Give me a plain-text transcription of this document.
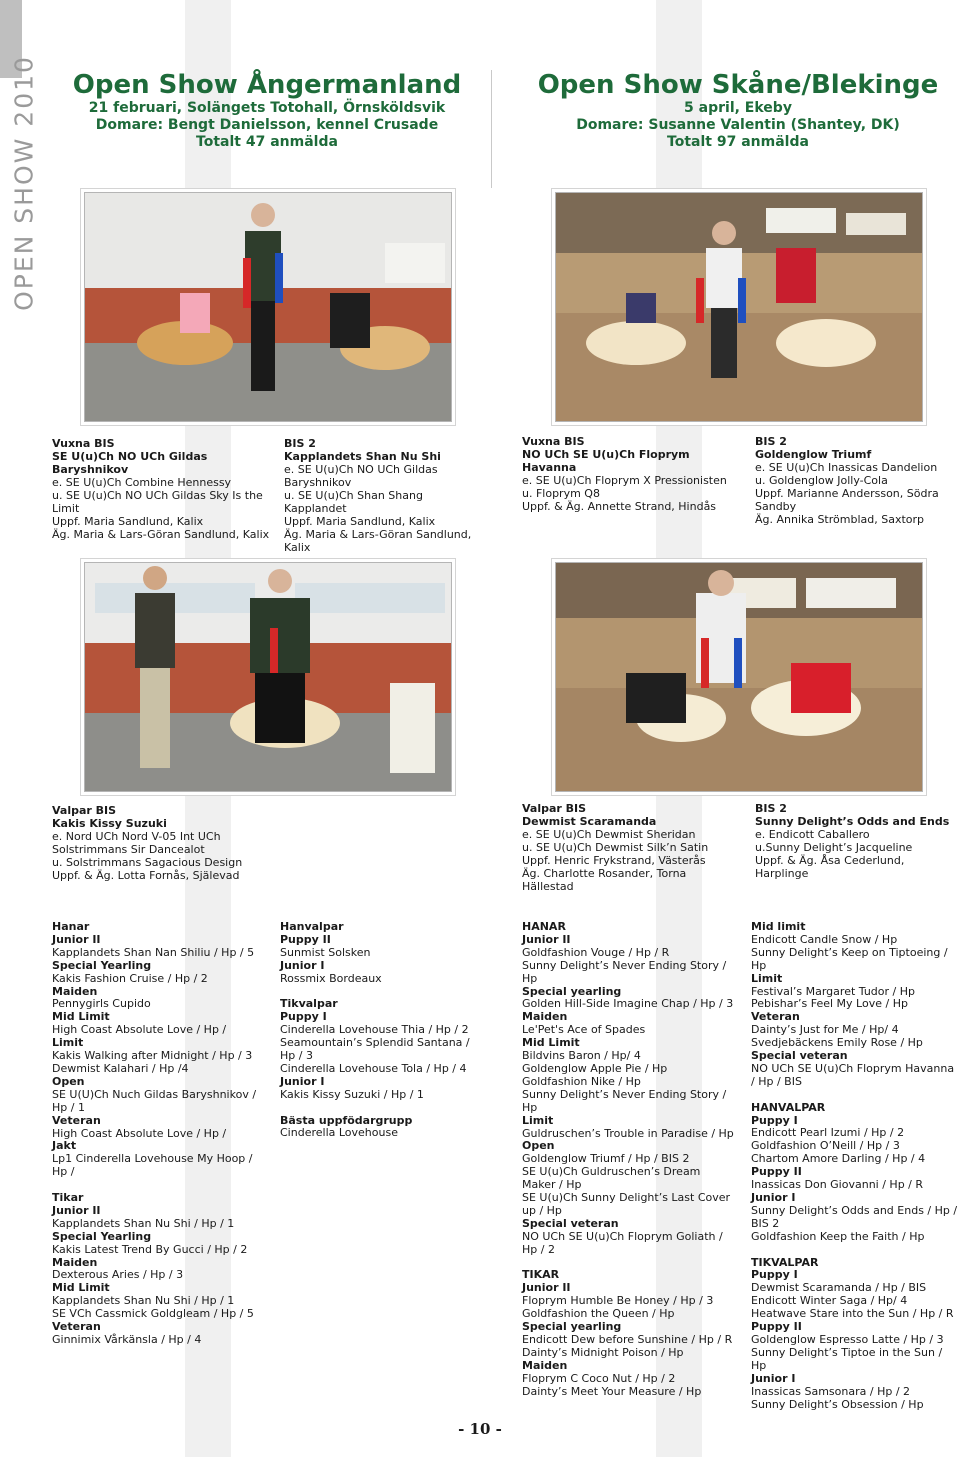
OPEN SHOW 2010	Open Show Ångermanland
21 februari, Solängets Totohall, Örnsköldsvik
Domare: Bengt Danielsson, kennel Crusade
Totalt 47 anmälda
Open Show Skåne/Blekinge
5 april, Ekeby
Domare: Susanne Valentin (Shantey, DK)
Totalt 97 anmälda
Vuxna BIS
SE U(u)Ch NO UCh Gildas Baryshnikov
e. SE U(u)Ch Combine Hennessy
u. SE U(u)Ch NO UCh Gildas Sky Is the Limit
Uppf. Maria Sandlund, Kalix
Äg. Maria & Lars-Göran Sandlund, Kalix
BIS 2
Kapplandets Shan Nu Shi
e. SE U(u)Ch NO UCh Gildas Baryshnikov
u. SE U(u)Ch Shan Shang Kapplandet
Uppf. Maria Sandlund, Kalix
Äg. Maria & Lars-Göran Sandlund, Kalix
Vuxna BIS
NO UCh SE U(u)Ch Floprym Havanna
e. SE U(u)Ch Floprym X Pressionisten
u. Floprym Q8
Uppf. & Äg. Annette Strand, Hindås
BIS 2
Goldenglow Triumf
e. SE U(u)Ch Inassicas Dandelion
u. Goldenglow Jolly-Cola
Uppf. Marianne Andersson, Södra Sandby
Äg. Annika Strömblad, Saxtorp
Valpar BIS
Kakis Kissy Suzuki
e. Nord UCh Nord V-05 Int UCh Solstrimmans Sir Dancealot
u. Solstrimmans Sagacious Design
Uppf. & Äg. Lotta Fornås, Själevad
Valpar BIS
Dewmist Scaramanda
e. SE U(u)Ch Dewmist Sheridan
u. SE U(u)Ch Dewmist Silk’n Satin
Uppf. Henric Frykstrand, Västerås
Äg. Charlotte Rosander, Torna Hällestad
BIS 2
Sunny Delight’s Odds and Ends
e. Endicott Caballero
u.Sunny Delight’s Jacqueline
Uppf. & Äg. Åsa Cederlund, Harplinge
Hanar
Junior II
Kapplandets Shan Nan Shiliu / Hp / 5
Special Yearling
Kakis Fashion Cruise / Hp / 2
Maiden
Pennygirls Cupido
Mid Limit
High Coast Absolute Love / Hp /
Limit
Kakis Walking after Midnight / Hp / 3
Dewmist Kalahari / Hp /4
Open
SE U(U)Ch Nuch Gildas Baryshnikov / Hp / 1
Veteran
High Coast Absolute Love / Hp /
Jakt
Lp1 Cinderella Lovehouse My Hoop / Hp /
Tikar
Junior II
Kapplandets Shan Nu Shi / Hp / 1
Special Yearling
Kakis Latest Trend By Gucci / Hp / 2
Maiden
Dexterous Aries / Hp / 3
Mid Limit
Kapplandets Shan Nu Shi / Hp / 1
SE VCh Cassmick Goldgleam / Hp / 5
Veteran
Ginnimix Vårkänsla / Hp / 4
Hanvalpar
Puppy II
Sunmist Solsken
Junior I
Rossmix Bordeaux
Tikvalpar
Puppy I
Cinderella Lovehouse Thia / Hp / 2
Seamountain’s Splendid Santana / Hp / 3
Cinderella Lovehouse Tola / Hp / 4
Junior I
Kakis Kissy Suzuki / Hp / 1
Bästa uppfödargrupp
Cinderella Lovehouse
HANAR
Junior II
Goldfashion Vouge / Hp / R
Sunny Delight’s Never Ending Story / Hp
Special yearling
Golden Hill-Side Imagine Chap / Hp / 3
Maiden
Le'Pet's Ace of Spades
Mid Limit
Bildvins Baron / Hp/ 4
Goldenglow Apple Pie / Hp
Goldfashion Nike / Hp
Sunny Delight’s Never Ending Story / Hp
Limit
Guldruschen’s Trouble in Paradise / Hp
Open
Goldenglow Triumf / Hp / BIS 2
SE U(u)Ch Guldruschen’s Dream Maker / Hp
SE U(u)Ch Sunny Delight’s Last Cover up / Hp
Special veteran
NO UCh SE U(u)Ch Floprym Goliath / Hp / 2
TIKAR
Junior II
Floprym Humble Be Honey / Hp / 3
Goldfashion the Queen / Hp
Special yearling
Endicott Dew before Sunshine / Hp / R
Dainty’s Midnight Poison / Hp
Maiden
Floprym C Coco Nut / Hp / 2
Dainty’s Meet Your Measure / Hp
Mid limit
Endicott Candle Snow / Hp
Sunny Delight’s Keep on Tiptoeing / Hp
Limit
Festival’s Margaret Tudor / Hp
Pebishar’s Feel My Love / Hp
Veteran
Dainty’s Just for Me / Hp/ 4
Svedjebäckens Emily Rose / Hp
Special veteran
NO UCh SE U(u)Ch Floprym Havanna / Hp / BIS
HANVALPAR
Puppy I
Endicott Pearl Izumi / Hp / 2
Goldfashion O’Neill / Hp / 3
Chartom Amore Darling / Hp / 4
Puppy II
Inassicas Don Giovanni / Hp / R
Junior I
Sunny Delight’s Odds and Ends / Hp / BIS 2
Goldfashion Keep the Faith / Hp
TIKVALPAR
Puppy I
Dewmist Scaramanda / Hp / BIS
Endicott Winter Saga / Hp/ 4
Heatwave Stare into the Sun / Hp / R
Puppy II
Goldenglow Espresso Latte / Hp / 3
Sunny Delight’s Tiptoe in the Sun / Hp
Junior I
Inassicas Samsonara / Hp / 2
Sunny Delight’s Obsession / Hp
- 10 -
